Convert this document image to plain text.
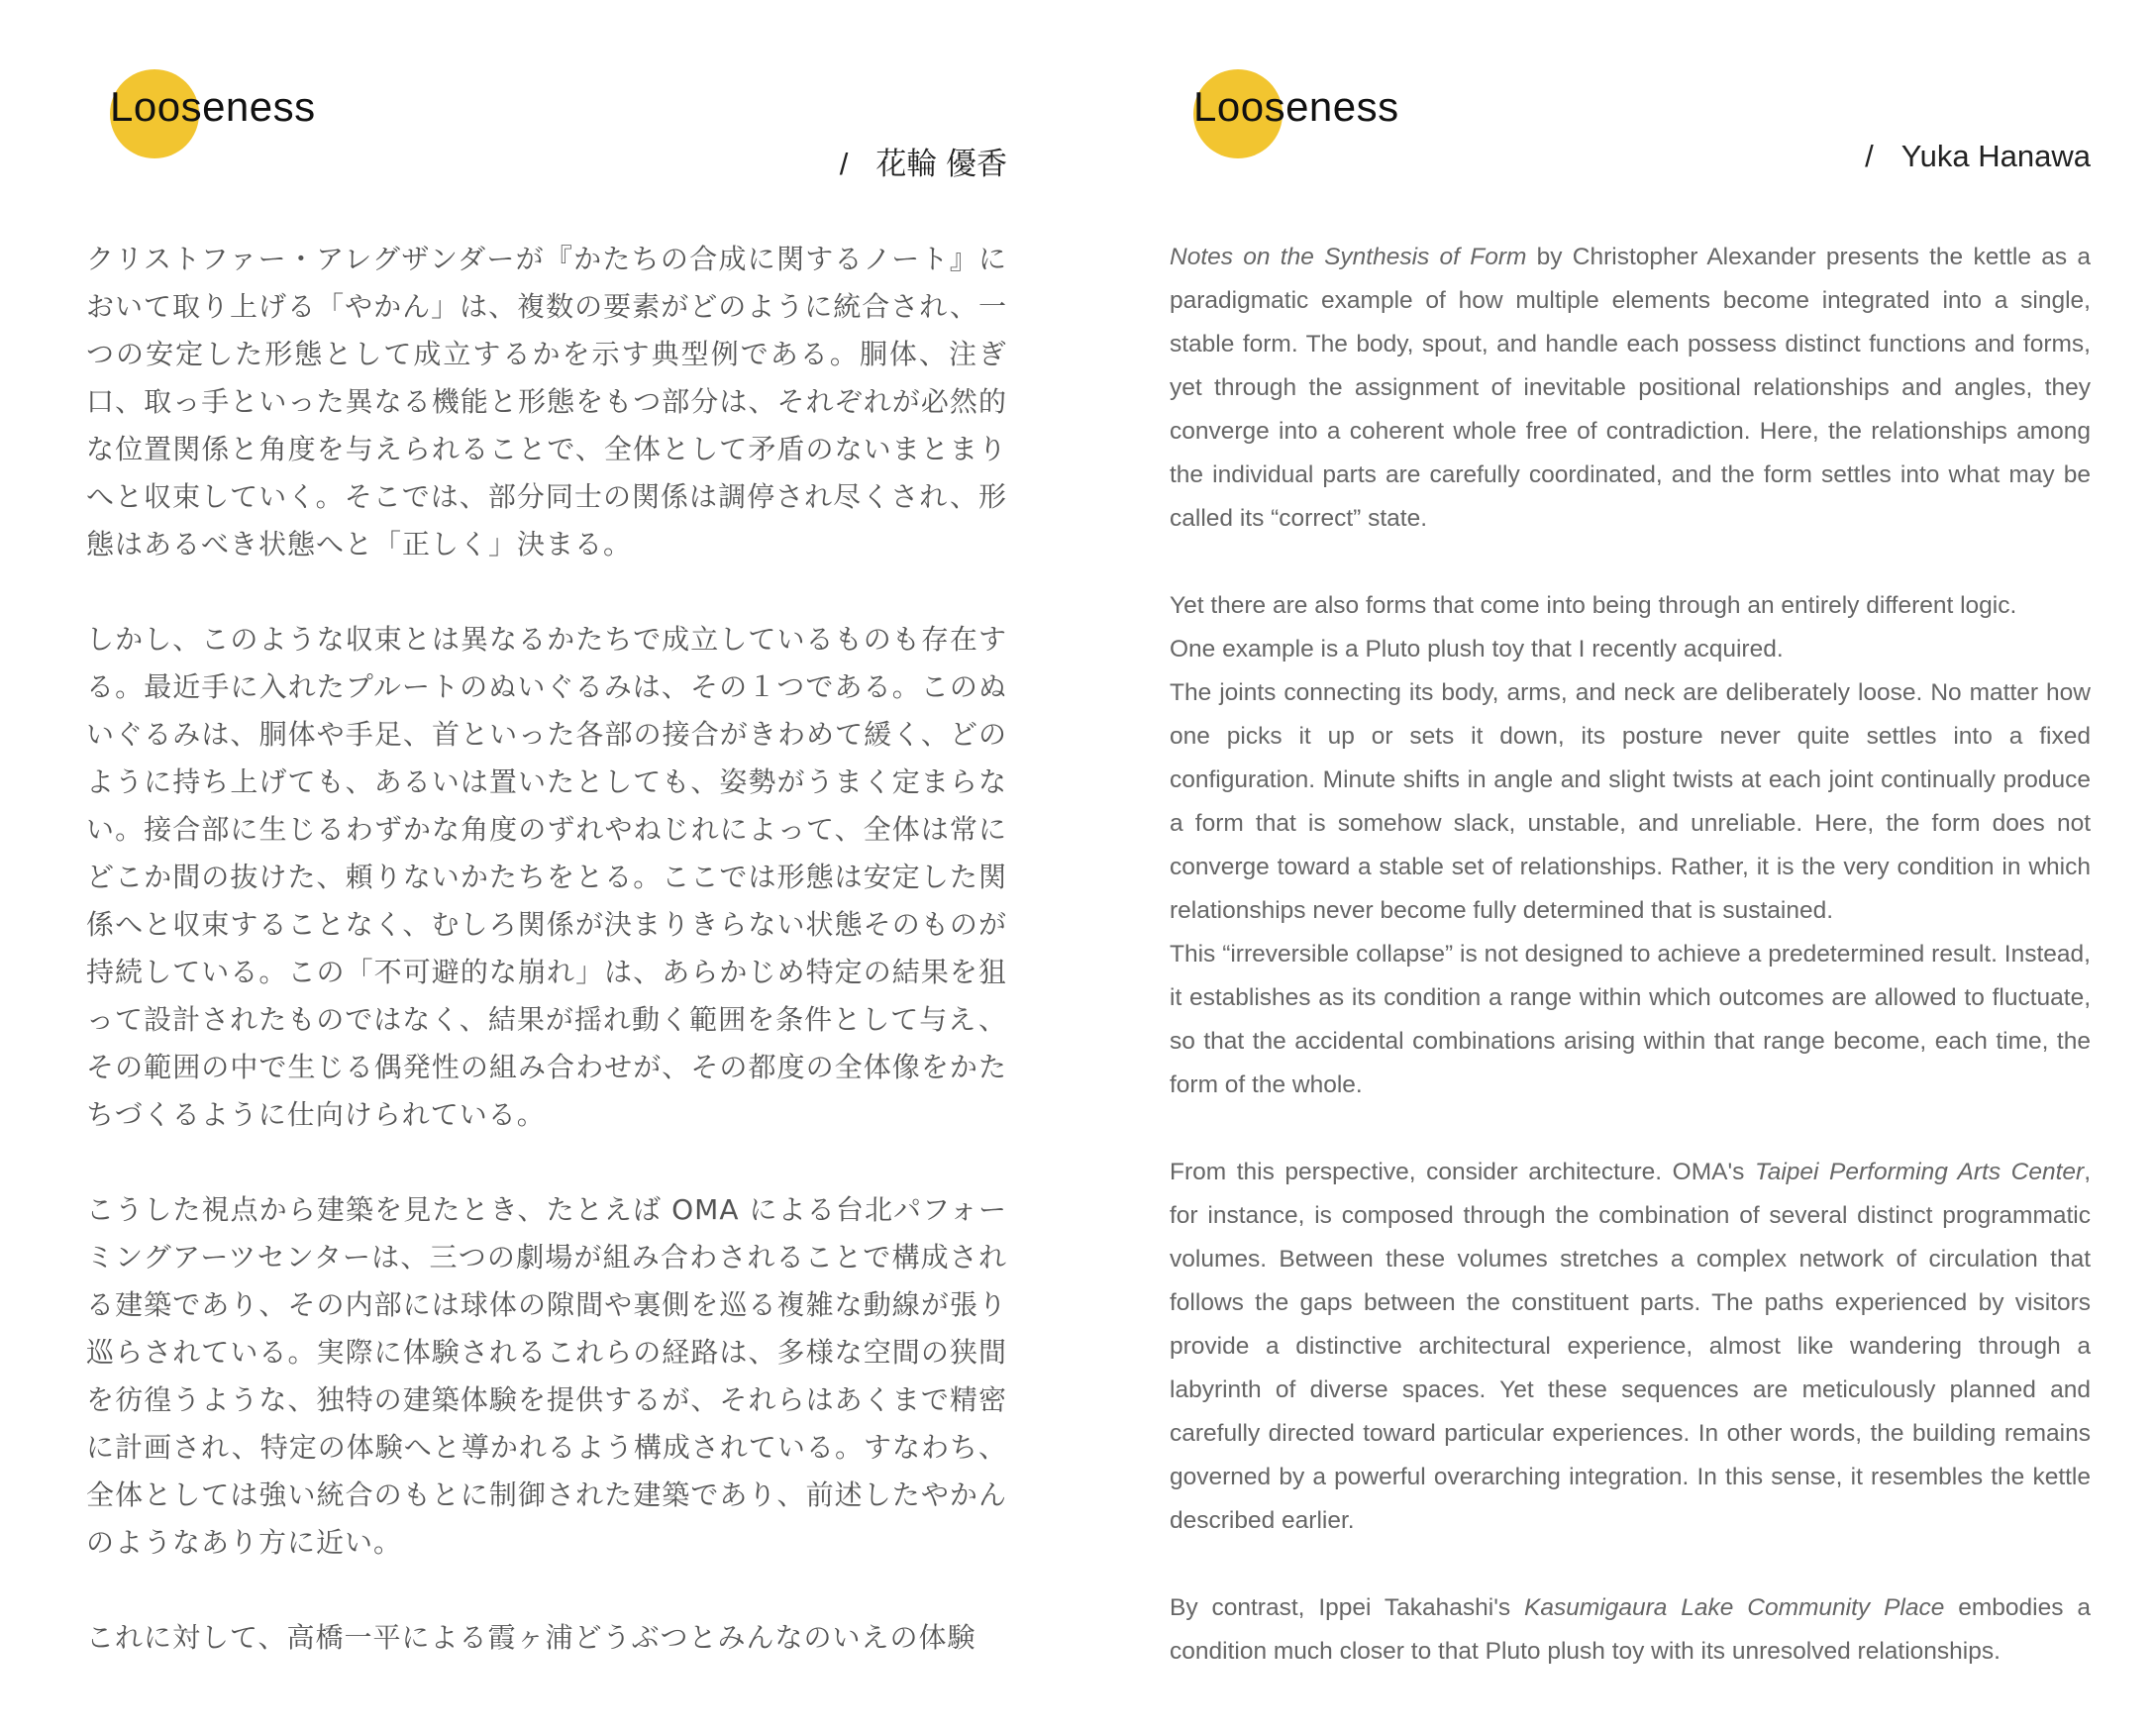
Looseness
/ 花輪 優香

クリストファー・アレグザンダーが『かたちの合成に関するノート』において取り上げる「やかん」は、複数の要素がどのように統合され、一つの安定した形態として成立するかを示す典型例である。胴体、注ぎ口、取っ手といった異なる機能と形態をもつ部分は、それぞれが必然的な位置関係と角度を与えられることで、全体として矛盾のないまとまりへと収束していく。そこでは、部分同士の関係は調停され尽くされ、形態はあるべき状態へと「正しく」決まる。

しかし、このような収束とは異なるかたちで成立しているものも存在する。最近手に入れたプルートのぬいぐるみは、その１つである。このぬいぐるみは、胴体や手足、首といった各部の接合がきわめて緩く、どのように持ち上げても、あるいは置いたとしても、姿勢がうまく定まらない。接合部に生じるわずかな角度のずれやねじれによって、全体は常にどこか間の抜けた、頼りないかたちをとる。ここでは形態は安定した関係へと収束することなく、むしろ関係が決まりきらない状態そのものが持続している。この「不可避的な崩れ」は、あらかじめ特定の結果を狙って設計されたものではなく、結果が揺れ動く範囲を条件として与え、その範囲の中で生じる偶発性の組み合わせが、その都度の全体像をかたちづくるように仕向けられている。

こうした視点から建築を見たとき、たとえば OMA による台北パフォーミングアーツセンターは、三つの劇場が組み合わされることで構成される建築であり、その内部には球体の隙間や裏側を巡る複雑な動線が張り巡らされている。実際に体験されるこれらの経路は、多様な空間の狭間を彷徨うような、独特の建築体験を提供するが、それらはあくまで精密に計画され、特定の体験へと導かれるよう構成されている。すなわち、全体としては強い統合のもとに制御された建築であり、前述したやかんのようなあり方に近い。

これに対して、高橋一平による霞ヶ浦どうぶつとみんなのいえの体験

Looseness
/ Yuka Hanawa

Notes on the Synthesis of Form by Christopher Alexander presents the kettle as a paradigmatic example of how multiple elements become integrated into a single, stable form. The body, spout, and handle each possess distinct functions and forms, yet through the assignment of inevitable positional relationships and angles, they converge into a coherent whole free of contradiction. Here, the relationships among the individual parts are carefully coordinated, and the form settles into what may be called its “correct” state.

Yet there are also forms that come into being through an entirely different logic.

One example is a Pluto plush toy that I recently acquired.

The joints connecting its body, arms, and neck are deliberately loose. No matter how one picks it up or sets it down, its posture never quite settles into a fixed configuration. Minute shifts in angle and slight twists at each joint continually produce a form that is somehow slack, unstable, and unreliable. Here, the form does not converge toward a stable set of relationships. Rather, it is the very condition in which relationships never become fully determined that is sustained.

This “irreversible collapse” is not designed to achieve a predetermined result. Instead, it establishes as its condition a range within which outcomes are allowed to fluctuate, so that the accidental combinations arising within that range become, each time, the form of the whole.

From this perspective, consider architecture. OMA's Taipei Performing Arts Center, for instance, is composed through the combination of several distinct programmatic volumes. Between these volumes stretches a complex network of circulation that follows the gaps between the constituent parts. The paths experienced by visitors provide a distinctive architectural experience, almost like wandering through a labyrinth of diverse spaces. Yet these sequences are meticulously planned and carefully directed toward particular experiences. In other words, the building remains governed by a powerful overarching integration. In this sense, it resembles the kettle described earlier.

By contrast, Ippei Takahashi's Kasumigaura Lake Community Place embodies a condition much closer to that Pluto plush toy with its unresolved relationships.
